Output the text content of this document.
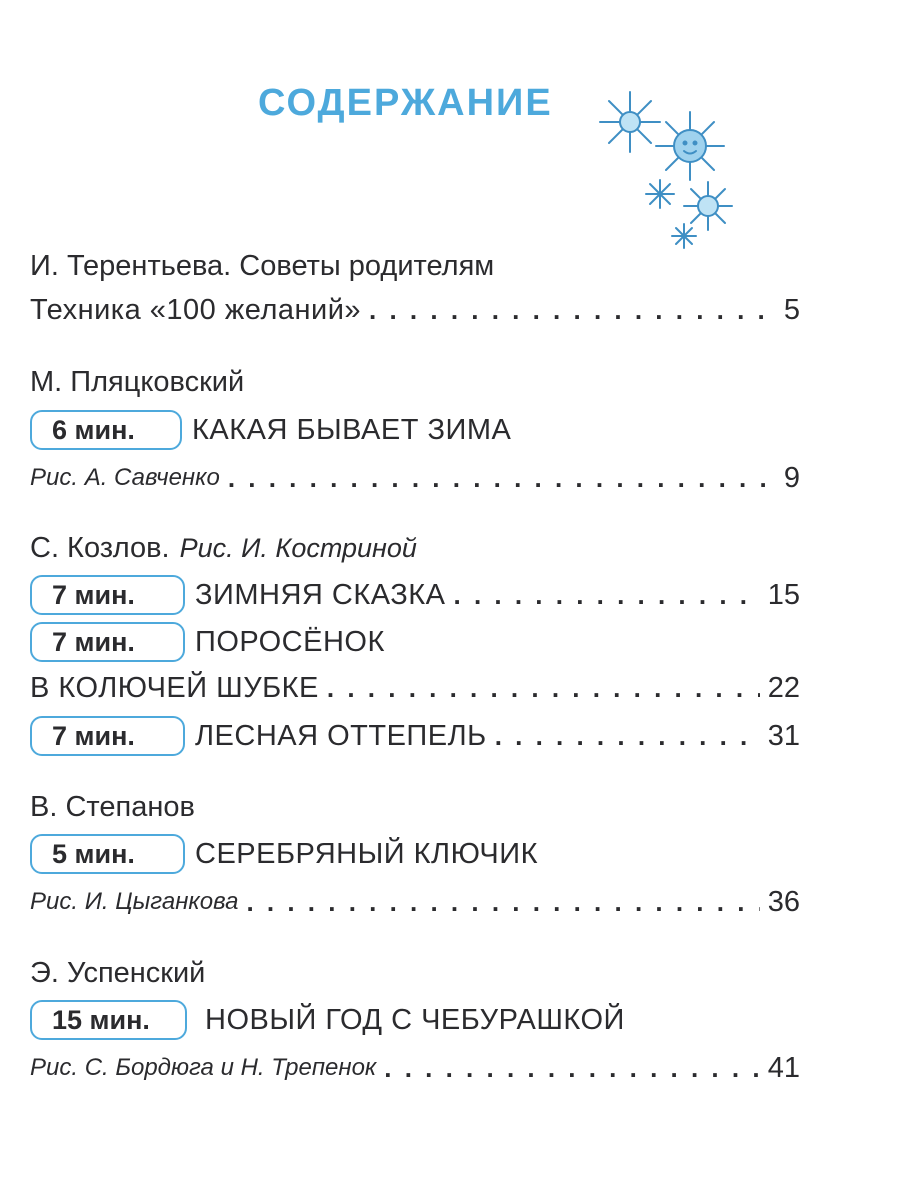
СОДЕРЖАНИЕ
И. Терентьева. Советы родителям
Техника «100 желаний» . . .	5
М. Пляцковский
6 мин.	КАКАЯ БЫВАЕТ ЗИМА
Рис. А. Савченко . . .	9
С. Козлов. Рис. И. Костриной
7 мин.	ЗИМНЯЯ СКАЗКА . . .	15
7 мин.	ПОРОСЁНОК
В КОЛЮЧЕЙ ШУБКЕ . . .	22
7 мин.	ЛЕСНАЯ ОТТЕПЕЛЬ . . .	31
В. Степанов
5 мин.	СЕРЕБРЯНЫЙ КЛЮЧИК
Рис. И. Цыганкова . . .	36
Э. Успенский
15 мин.	НОВЫЙ ГОД С ЧЕБУРАШКОЙ
Рис. С. Бордюга и Н. Трепенок . . .	41
